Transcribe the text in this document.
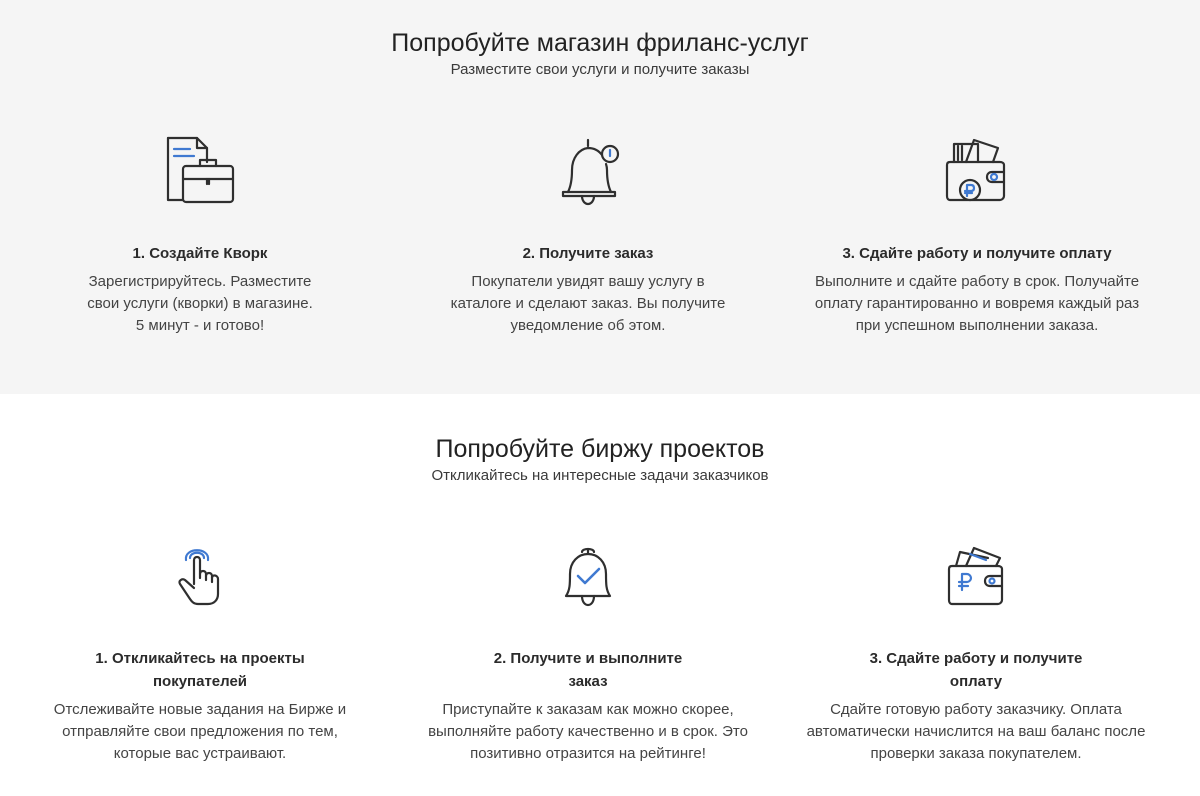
Попробуйте магазин фриланс-услуг
Разместите свои услуги и получите заказы
1. Создайте Кворк
Зарегистрируйтесь. Разместите
свои услуги (кворки) в магазине.
5 минут - и готово!
2. Получите заказ
Покупатели увидят вашу услугу в
каталоге и сделают заказ. Вы получите
уведомление об этом.
3. Сдайте работу и получите оплату
Выполните и сдайте работу в срок. Получайте
оплату гарантированно и вовремя каждый раз
при успешном выполнении заказа.
Попробуйте биржу проектов
Откликайтесь на интересные задачи заказчиков
1. Откликайтесь на проекты
покупателей
Отслеживайте новые задания на Бирже и
отправляйте свои предложения по тем,
которые вас устраивают.
2. Получите и выполните
заказ
Приступайте к заказам как можно скорее,
выполняйте работу качественно и в срок. Это
позитивно отразится на рейтинге!
3. Сдайте работу и получите
оплату
Сдайте готовую работу заказчику. Оплата
автоматически начислится на ваш баланс после
проверки заказа покупателем.
